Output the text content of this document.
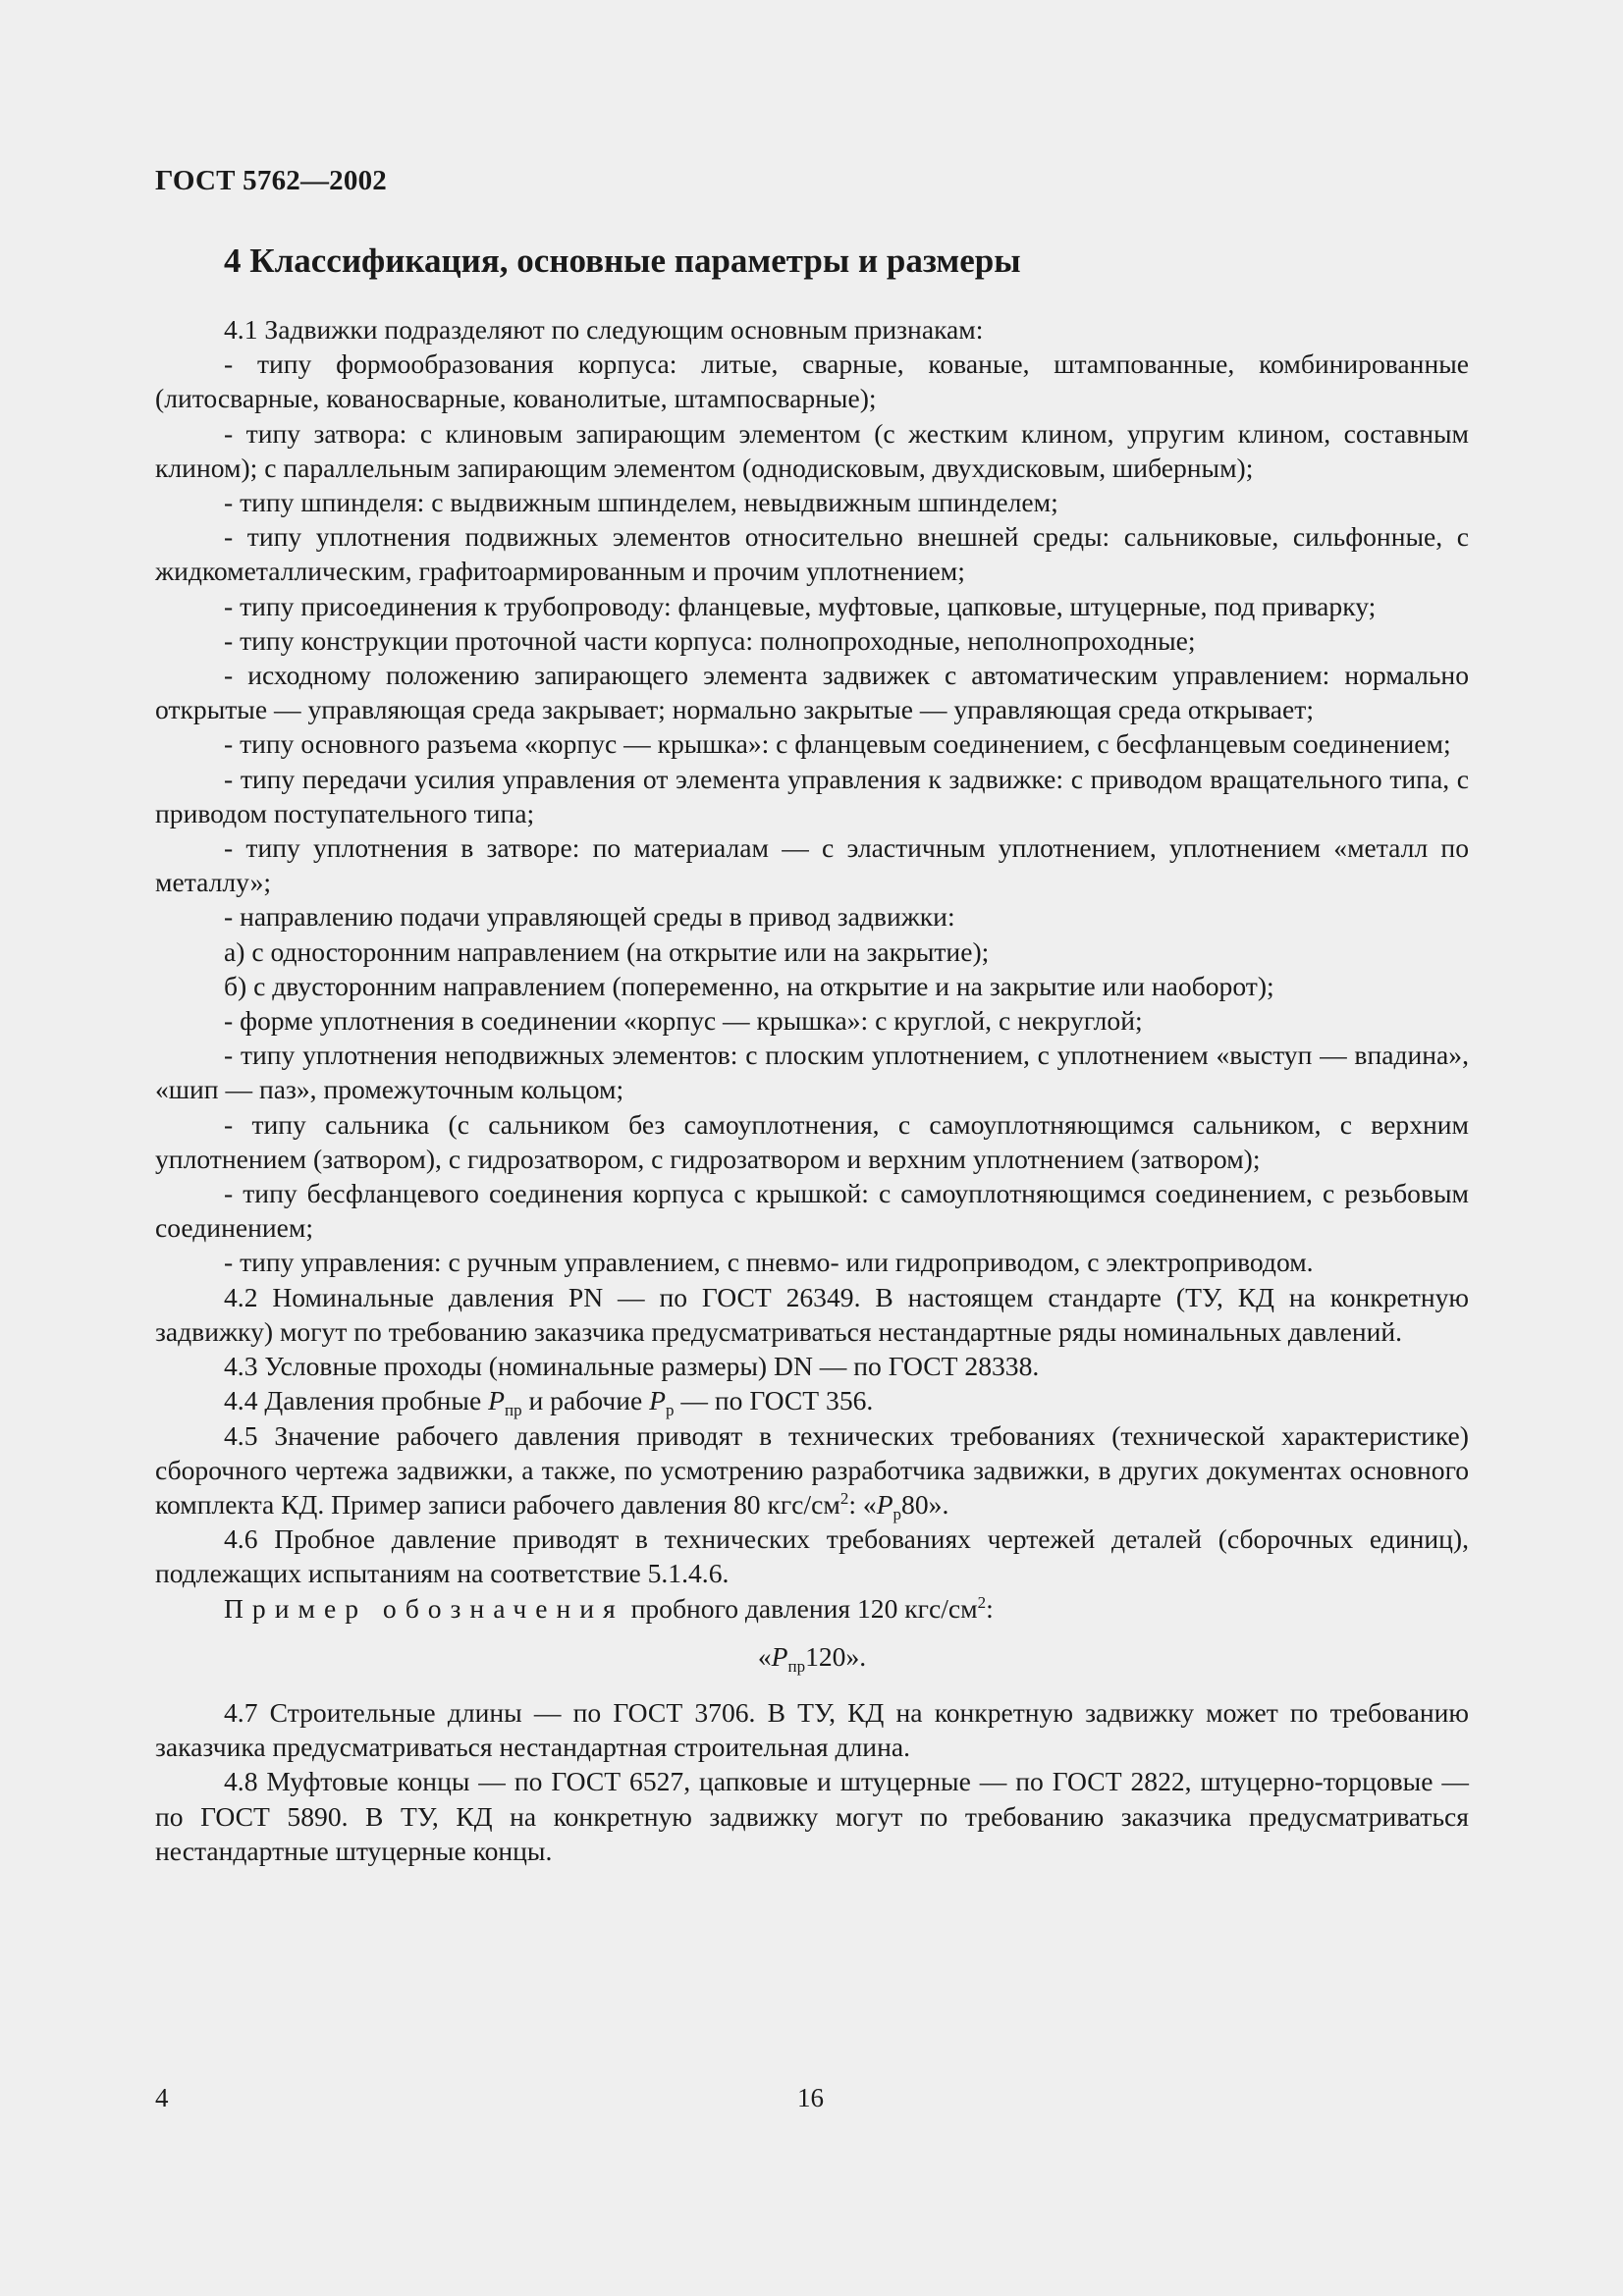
ГОСТ 5762—2002
4 Классификация, основные параметры и размеры

4.1 Задвижки подразделяют по следующим основным признакам:

- типу формообразования корпуса: литые, сварные, кованые, штампованные, комбинированные (литосварные, кованосварные, кованолитые, штампосварные);

- типу затвора: с клиновым запирающим элементом (с жестким клином, упругим клином, составным клином); с параллельным запирающим элементом (однодисковым, двухдисковым, шиберным);

- типу шпинделя: с выдвижным шпинделем, невыдвижным шпинделем;

- типу уплотнения подвижных элементов относительно внешней среды: сальниковые, сильфонные, с жидкометаллическим, графитоармированным и прочим уплотнением;

- типу присоединения к трубопроводу: фланцевые, муфтовые, цапковые, штуцерные, под приварку;

- типу конструкции проточной части корпуса: полнопроходные, неполнопроходные;

- исходному положению запирающего элемента задвижек с автоматическим управлением: нормально открытые — управляющая среда закрывает; нормально закрытые — управляющая среда открывает;

- типу основного разъема «корпус — крышка»: с фланцевым соединением, с бесфланцевым соединением;

- типу передачи усилия управления от элемента управления к задвижке: с приводом вращательного типа, с приводом поступательного типа;

- типу уплотнения в затворе: по материалам — с эластичным уплотнением, уплотнением «металл по металлу»;

- направлению подачи управляющей среды в привод задвижки:

а) с односторонним направлением (на открытие или на закрытие);

б) с двусторонним направлением (попеременно, на открытие и на закрытие или наоборот);

- форме уплотнения в соединении «корпус — крышка»: с круглой, с некруглой;

- типу уплотнения неподвижных элементов: с плоским уплотнением, с уплотнением «выступ — впадина», «шип — паз», промежуточным кольцом;

- типу сальника (с сальником без самоуплотнения, с самоуплотняющимся сальником, с верхним уплотнением (затвором), с гидрозатвором, с гидрозатвором и верхним уплотнением (затвором);

- типу бесфланцевого соединения корпуса с крышкой: с самоуплотняющимся соединением, с резьбовым соединением;

- типу управления: с ручным управлением, с пневмо- или гидроприводом, с электроприводом.

4.2 Номинальные давления PN — по ГОСТ 26349. В настоящем стандарте (ТУ, КД на конкретную задвижку) могут по требованию заказчика предусматриваться нестандартные ряды номинальных давлений.

4.3 Условные проходы (номинальные размеры) DN — по ГОСТ 28338.

4.4 Давления пробные $P_{пр}$ и рабочие $P_р$ — по ГОСТ 356.

4.5 Значение рабочего давления приводят в технических требованиях (технической характеристике) сборочного чертежа задвижки, а также, по усмотрению разработчика задвижки, в других документах основного комплекта КД. Пример записи рабочего давления 80 кгс/$см^2$: «$P_р80$».

4.6 Пробное давление приводят в технических требованиях чертежей деталей (сборочных единиц), подлежащих испытаниям на соответствие 5.1.4.6.

Пример обозначения пробного давления 120 кгс/$см^2$:

«$P_{пр}120$».

4.7 Строительные длины — по ГОСТ 3706. В ТУ, КД на конкретную задвижку может по требованию заказчика предусматриваться нестандартная строительная длина.

4.8 Муфтовые концы — по ГОСТ 6527, цапковые и штуцерные — по ГОСТ 2822, штуцерно-торцовые — по ГОСТ 5890. В ТУ, КД на конкретную задвижку могут по требованию заказчика предусматриваться нестандартные штуцерные концы.

4	16
